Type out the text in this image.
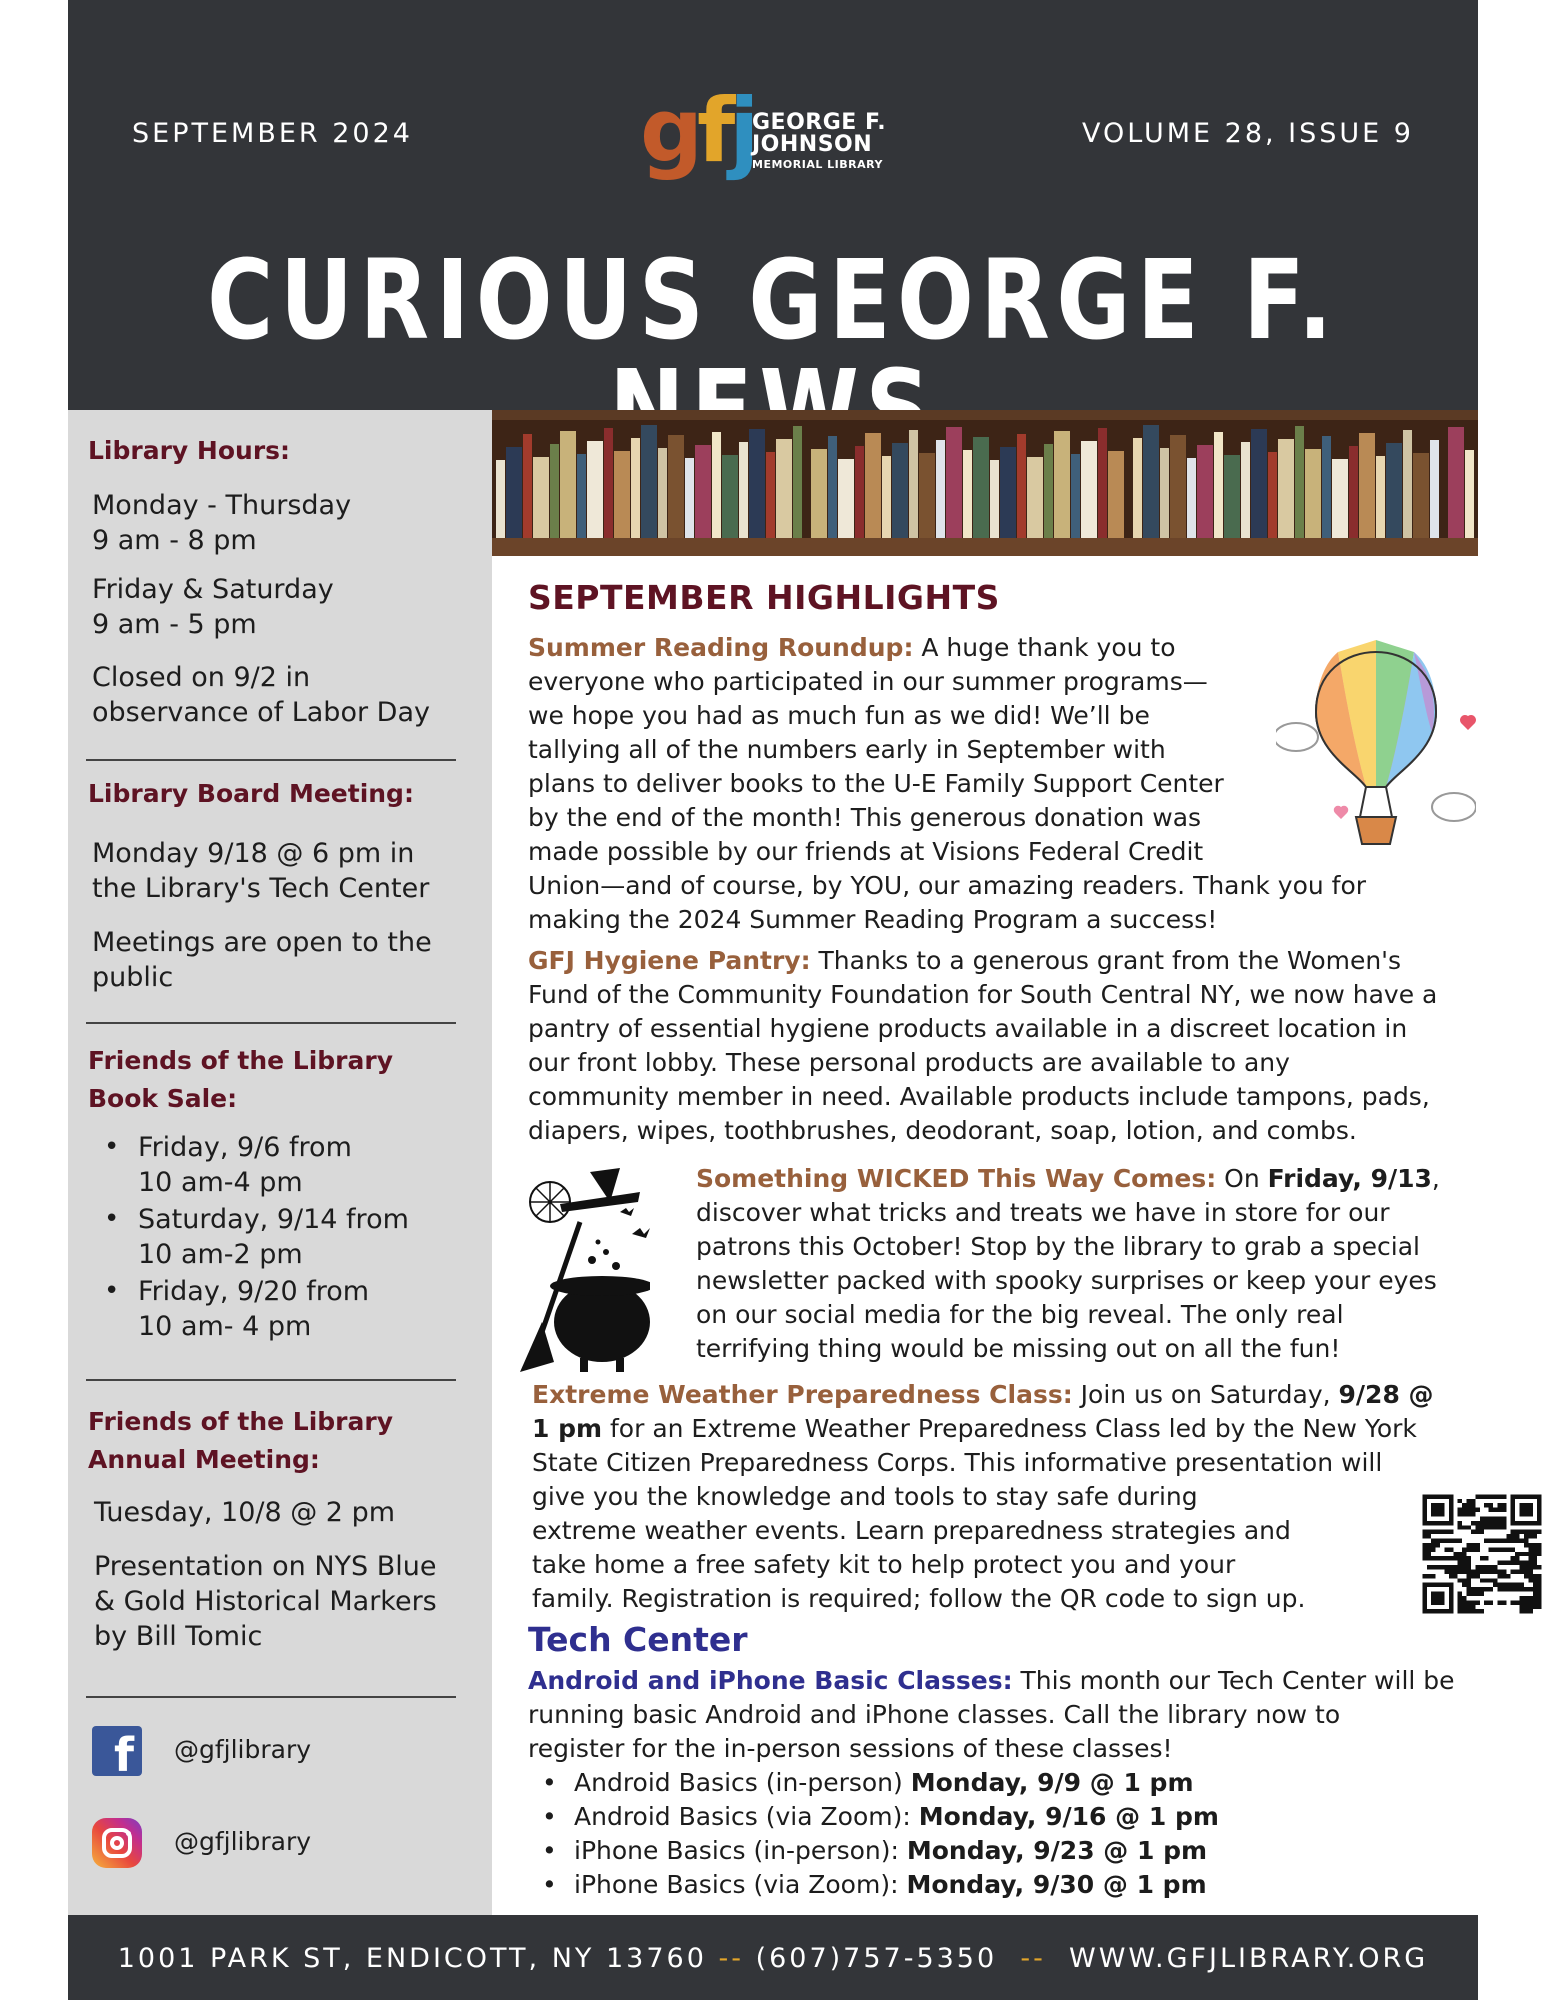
SEPTEMBER 2024	gfj
GEORGE F.
JOHNSON
MEMORIAL LIBRARY
VOLUME 28, ISSUE 9
CURIOUS GEORGE F.
Library Hours:
Monday - Thursday
9 am - 8 pm
Friday & Saturday
9 am - 5 pm
Closed on 9/2 in
observance of Labor Day
Library Board Meeting:
Monday 9/18 @ 6 pm in
the Library's Tech Center
Meetings are open to the
public
Friends of the Library
Book Sale:
• Friday, 9/6 from
10 am-4 pm
• Saturday, 9/14 from
10 am-2 pm
• Friday, 9/20 from
10 am- 4 pm
Friends of the Library
Annual Meeting:
Tuesday, 10/8 @ 2 pm
Presentation on NYS Blue
& Gold Historical Markers
by Bill Tomic
f @gfjlibrary
@gfjlibrary
SEPTEMBER HIGHLIGHTS
Summer Reading Roundup: A huge thank you to
everyone who participated in our summer programs—
we hope you had as much fun as we did! We’ll be
tallying all of the numbers early in September with
plans to deliver books to the U-E Family Support Center
by the end of the month! This generous donation was
made possible by our friends at Visions Federal Credit
Union—and of course, by YOU, our amazing readers. Thank you for
making the 2024 Summer Reading Program a success!
GFJ Hygiene Pantry: Thanks to a generous grant from the Women's
Fund of the Community Foundation for South Central NY, we now have a
pantry of essential hygiene products available in a discreet location in
our front lobby. These personal products are available to any
community member in need. Available products include tampons, pads,
diapers, wipes, toothbrushes, deodorant, soap, lotion, and combs.
Something WICKED This Way Comes: On Friday, 9/13,
discover what tricks and treats we have in store for our
patrons this October! Stop by the library to grab a special
newsletter packed with spooky surprises or keep your eyes
on our social media for the big reveal. The only real
terrifying thing would be missing out on all the fun!
Extreme Weather Preparedness Class: Join us on Saturday, 9/28 @
1 pm for an Extreme Weather Preparedness Class led by the New York
State Citizen Preparedness Corps. This informative presentation will
give you the knowledge and tools to stay safe during
extreme weather events. Learn preparedness strategies and
take home a free safety kit to help protect you and your
family. Registration is required; follow the QR code to sign up.
Tech Center
Android and iPhone Basic Classes: This month our Tech Center will be
running basic Android and iPhone classes. Call the library now to
register for the in-person sessions of these classes!
• Android Basics (in-person) Monday, 9/9 @ 1 pm
• Android Basics (via Zoom): Monday, 9/16 @ 1 pm
• iPhone Basics (in-person): Monday, 9/23 @ 1 pm
• iPhone Basics (via Zoom): Monday, 9/30 @ 1 pm
1001 PARK ST, ENDICOTT, NY 13760 -- (607)757-5350 -- WWW.GFJLIBRARY.ORG
